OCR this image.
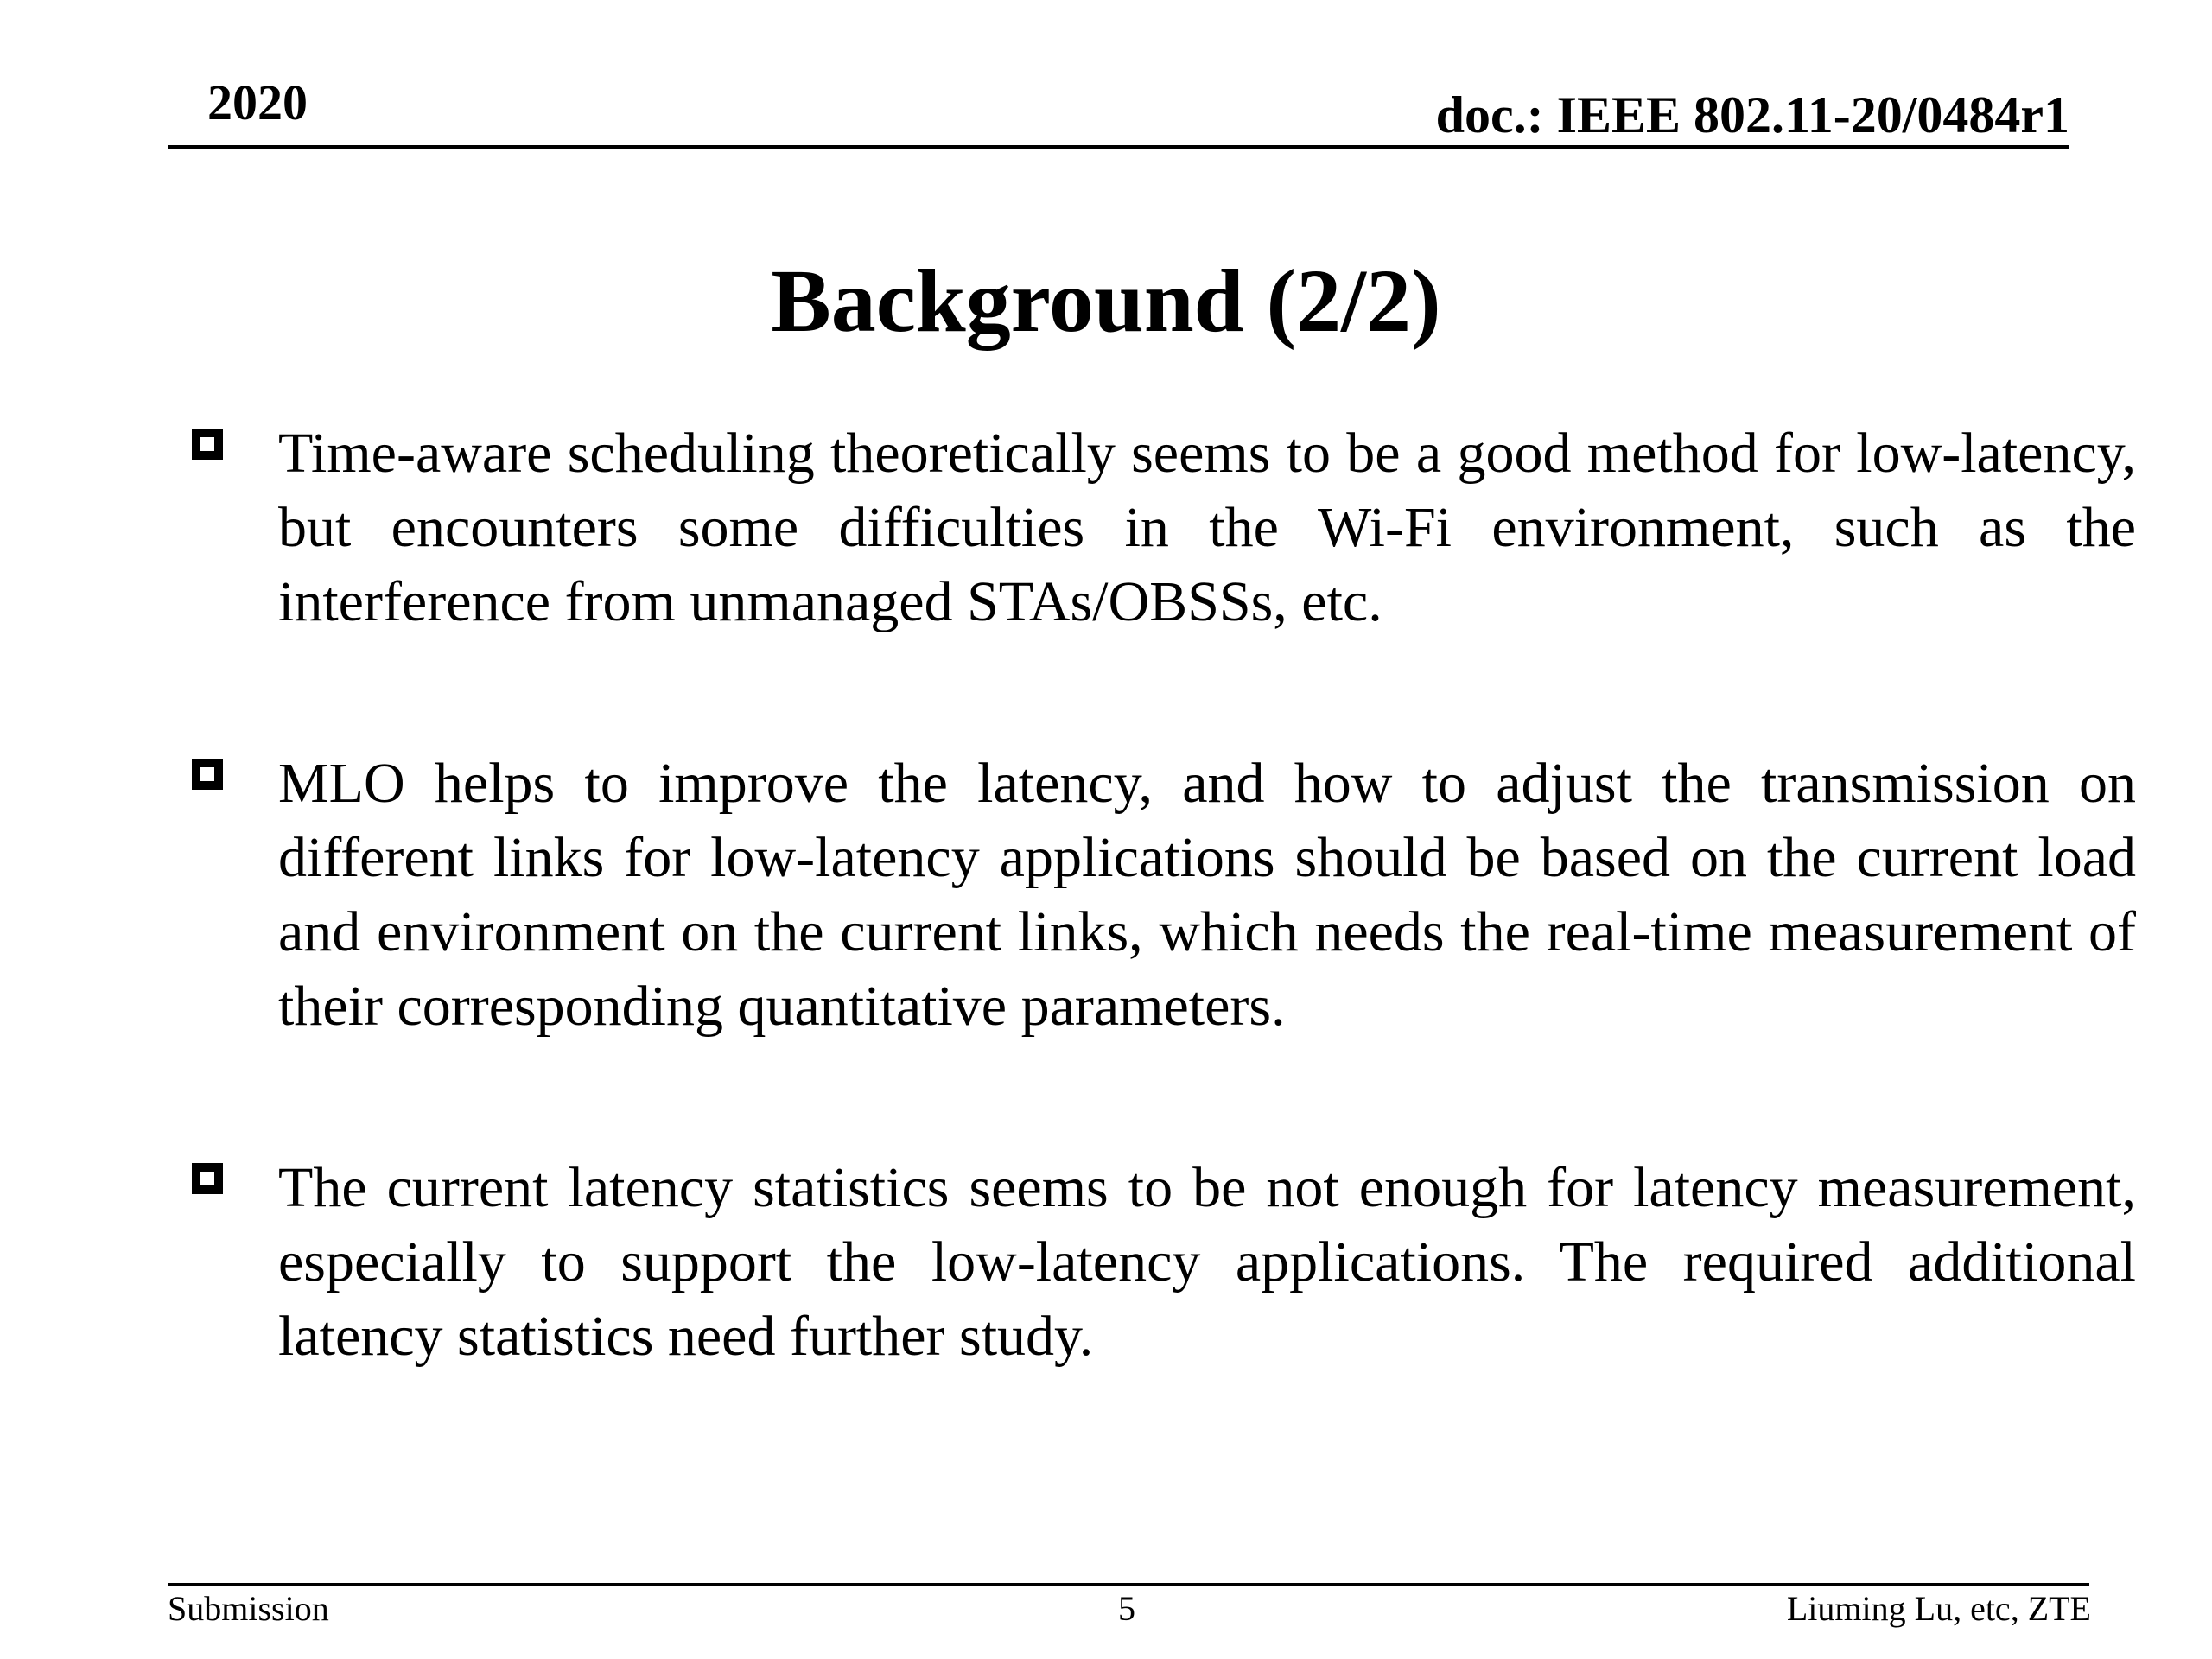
2020	doc.: IEEE 802.11-20/0484r1
Background (2/2)

Time-aware scheduling theoretically seems to be a good method for low-latency, but encounters some difficulties in the Wi-Fi environment, such as the interference from unmanaged STAs/OBSSs, etc.

MLO helps to improve the latency, and how to adjust the transmission on different links for low-latency applications should be based on the current load and environment on the current links, which needs the real-time measurement of their corresponding quantitative parameters.

The current latency statistics seems to be not enough for latency measurement, especially to support the low-latency applications. The required additional latency statistics need further study.

Submission	5	Liuming Lu, etc, ZTE
